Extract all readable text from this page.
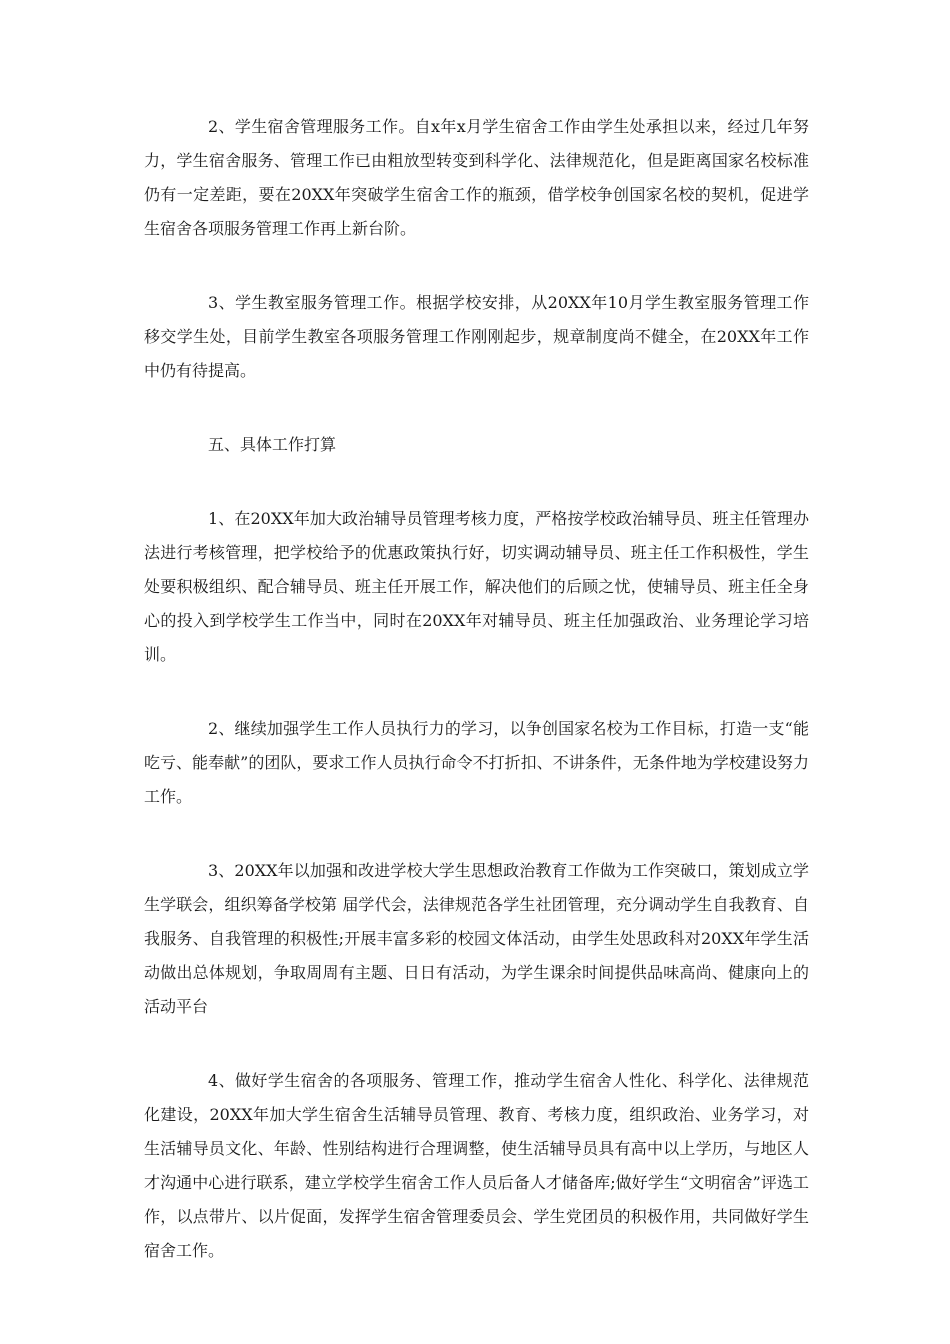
2、学生宿舍管理服务工作。自x年x月学生宿舍工作由学生处承担以来，经过几年努力，学生宿舍服务、管理工作已由粗放型转变到科学化、法律规范化，但是距离国家名校标准仍有一定差距，要在20XX年突破学生宿舍工作的瓶颈，借学校争创国家名校的契机，促进学生宿舍各项服务管理工作再上新台阶。

3、学生教室服务管理工作。根据学校安排，从20XX年10月学生教室服务管理工作移交学生处，目前学生教室各项服务管理工作刚刚起步，规章制度尚不健全，在20XX年工作中仍有待提高。

五、具体工作打算

1、在20XX年加大政治辅导员管理考核力度，严格按学校政治辅导员、班主任管理办法进行考核管理，把学校给予的优惠政策执行好，切实调动辅导员、班主任工作积极性，学生处要积极组织、配合辅导员、班主任开展工作，解决他们的后顾之忧，使辅导员、班主任全身心的投入到学校学生工作当中，同时在20XX年对辅导员、班主任加强政治、业务理论学习培训。

2、继续加强学生工作人员执行力的学习，以争创国家名校为工作目标，打造一支“能吃亏、能奉献”的团队，要求工作人员执行命令不打折扣、不讲条件，无条件地为学校建设努力工作。

3、20XX年以加强和改进学校大学生思想政治教育工作做为工作突破口，策划成立学生学联会，组织筹备学校第 届学代会，法律规范各学生社团管理，充分调动学生自我教育、自我服务、自我管理的积极性;开展丰富多彩的校园文体活动，由学生处思政科对20XX年学生活动做出总体规划，争取周周有主题、日日有活动，为学生课余时间提供品味高尚、健康向上的活动平台

4、做好学生宿舍的各项服务、管理工作，推动学生宿舍人性化、科学化、法律规范化建设，20XX年加大学生宿舍生活辅导员管理、教育、考核力度，组织政治、业务学习，对生活辅导员文化、年龄、性别结构进行合理调整，使生活辅导员具有高中以上学历，与地区人才沟通中心进行联系，建立学校学生宿舍工作人员后备人才储备库;做好学生“文明宿舍”评选工作，以点带片、以片促面，发挥学生宿舍管理委员会、学生党团员的积极作用，共同做好学生宿舍工作。
